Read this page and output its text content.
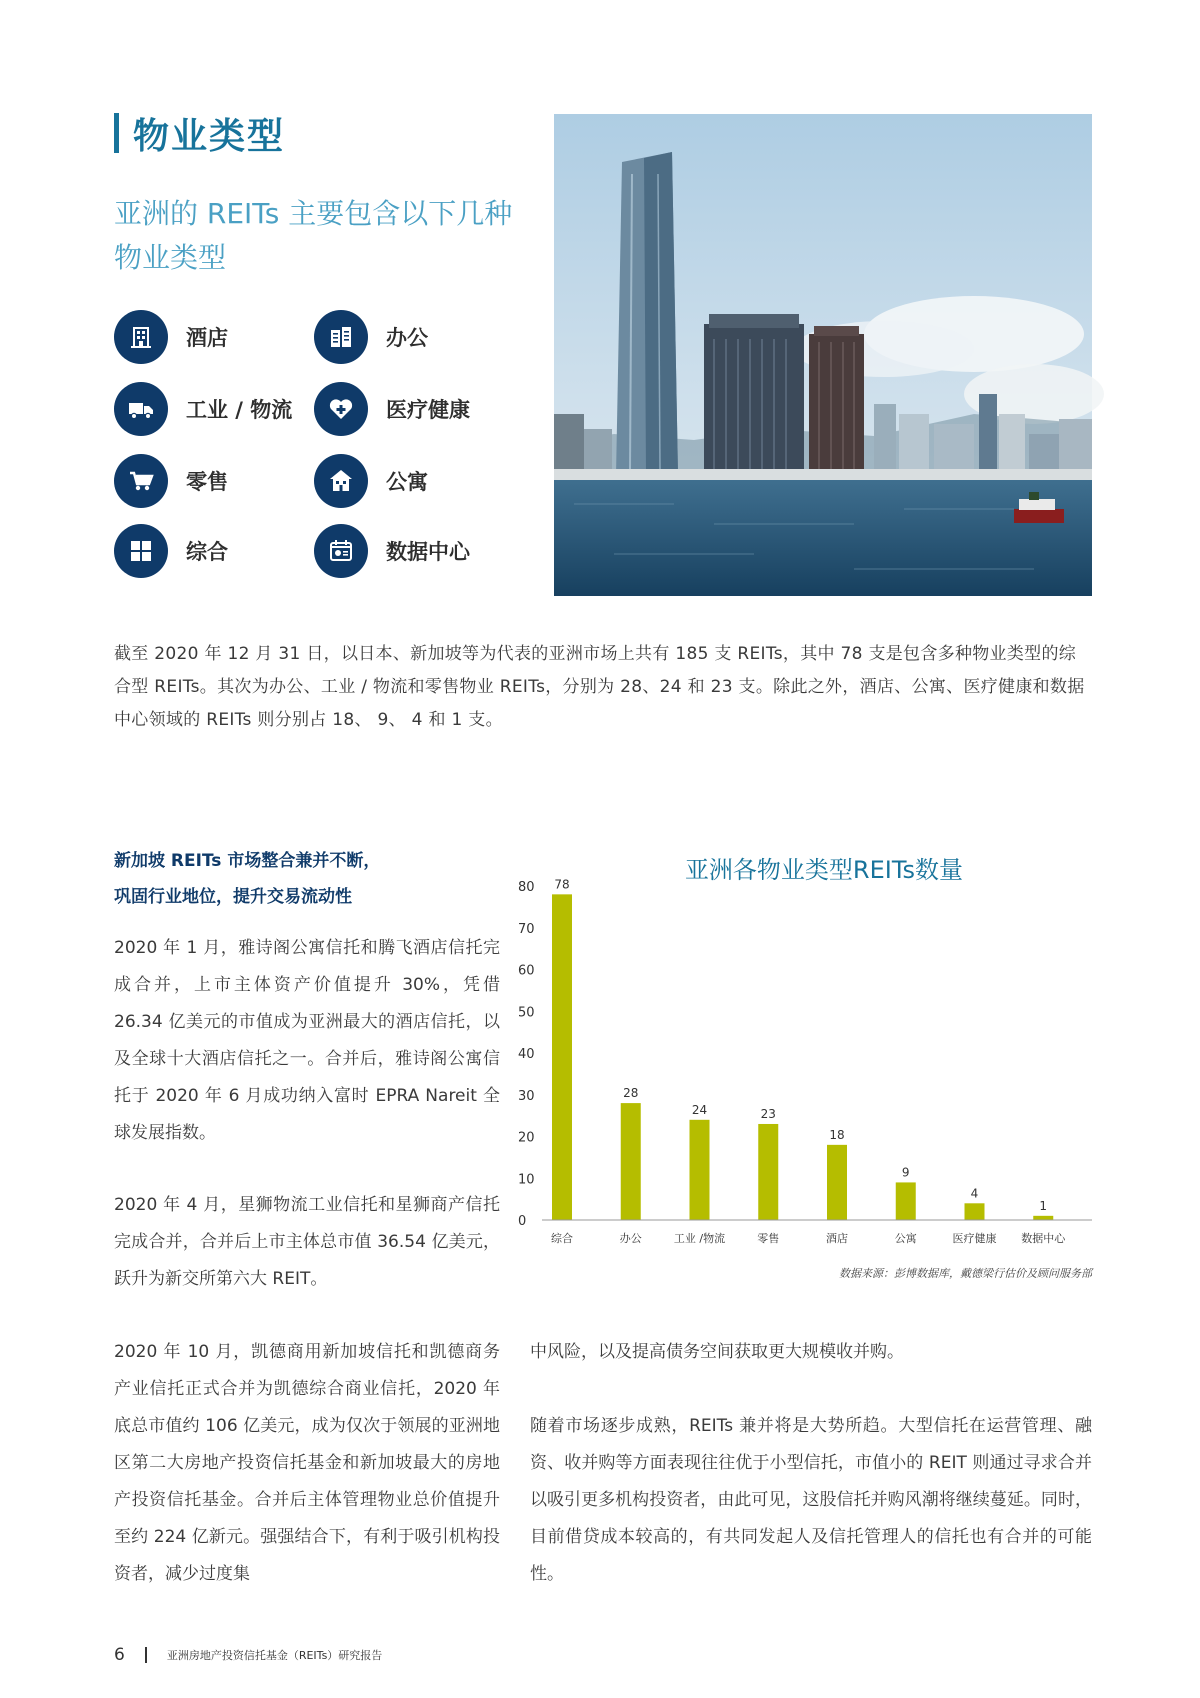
物业类型
亚洲的 REITs 主要包含以下几种物业类型
酒店	办公
工业 / 物流	医疗健康
零售	公寓
综合	数据中心
截至 2020 年 12 月 31 日，以日本、新加坡等为代表的亚洲市场上共有 185 支 REITs，其中 78 支是包含多种物业类型的综合型 REITs。其次为办公、工业 / 物流和零售物业 REITs，分别为 28、24 和 23 支。除此之外，酒店、公寓、医疗健康和数据中心领域的 REITs 则分别占 18、 9、 4 和 1 支。
新加坡 REITs 市场整合兼并不断，
巩固行业地位，提升交易流动性
2020 年 1 月，雅诗阁公寓信托和腾飞酒店信托完成合并，上市主体资产价值提升 30%，凭借 26.34 亿美元的市值成为亚洲最大的酒店信托，以及全球十大酒店信托之一。合并后，雅诗阁公寓信托于 2020 年 6 月成功纳入富时 EPRA Nareit 全球发展指数。
2020 年 4 月，星狮物流工业信托和星狮商产信托完成合并，合并后上市主体总市值 36.54 亿美元，跃升为新交所第六大 REIT。
2020 年 10 月，凯德商用新加坡信托和凯德商务产业信托正式合并为凯德综合商业信托，2020 年底总市值约 106 亿美元，成为仅次于领展的亚洲地区第二大房地产投资信托基金和新加坡最大的房地产投资信托基金。合并后主体管理物业总价值提升至约 224 亿新元。强强结合下，有利于吸引机构投资者，减少过度集
中风险，以及提高债务空间获取更大规模收并购。
随着市场逐步成熟，REITs 兼并将是大势所趋。大型信托在运营管理、融资、收并购等方面表现往往优于小型信托，市值小的 REIT 则通过寻求合并以吸引更多机构投资者，由此可见，这股信托并购风潮将继续蔓延。同时，目前借贷成本较高的，有共同发起人及信托管理人的信托也有合并的可能性。
亚洲各物业类型REITs数量
0
10
20
30
40
50
60
70
80 78
28
24	23
18
9
4
1
综合	办公	工业 /物流	零售	酒店	公寓	医疗健康 数据中心
数据来源：彭博数据库，戴德梁行估价及顾问服务部
6	亚洲房地产投资信托基金（REITs）研究报告
